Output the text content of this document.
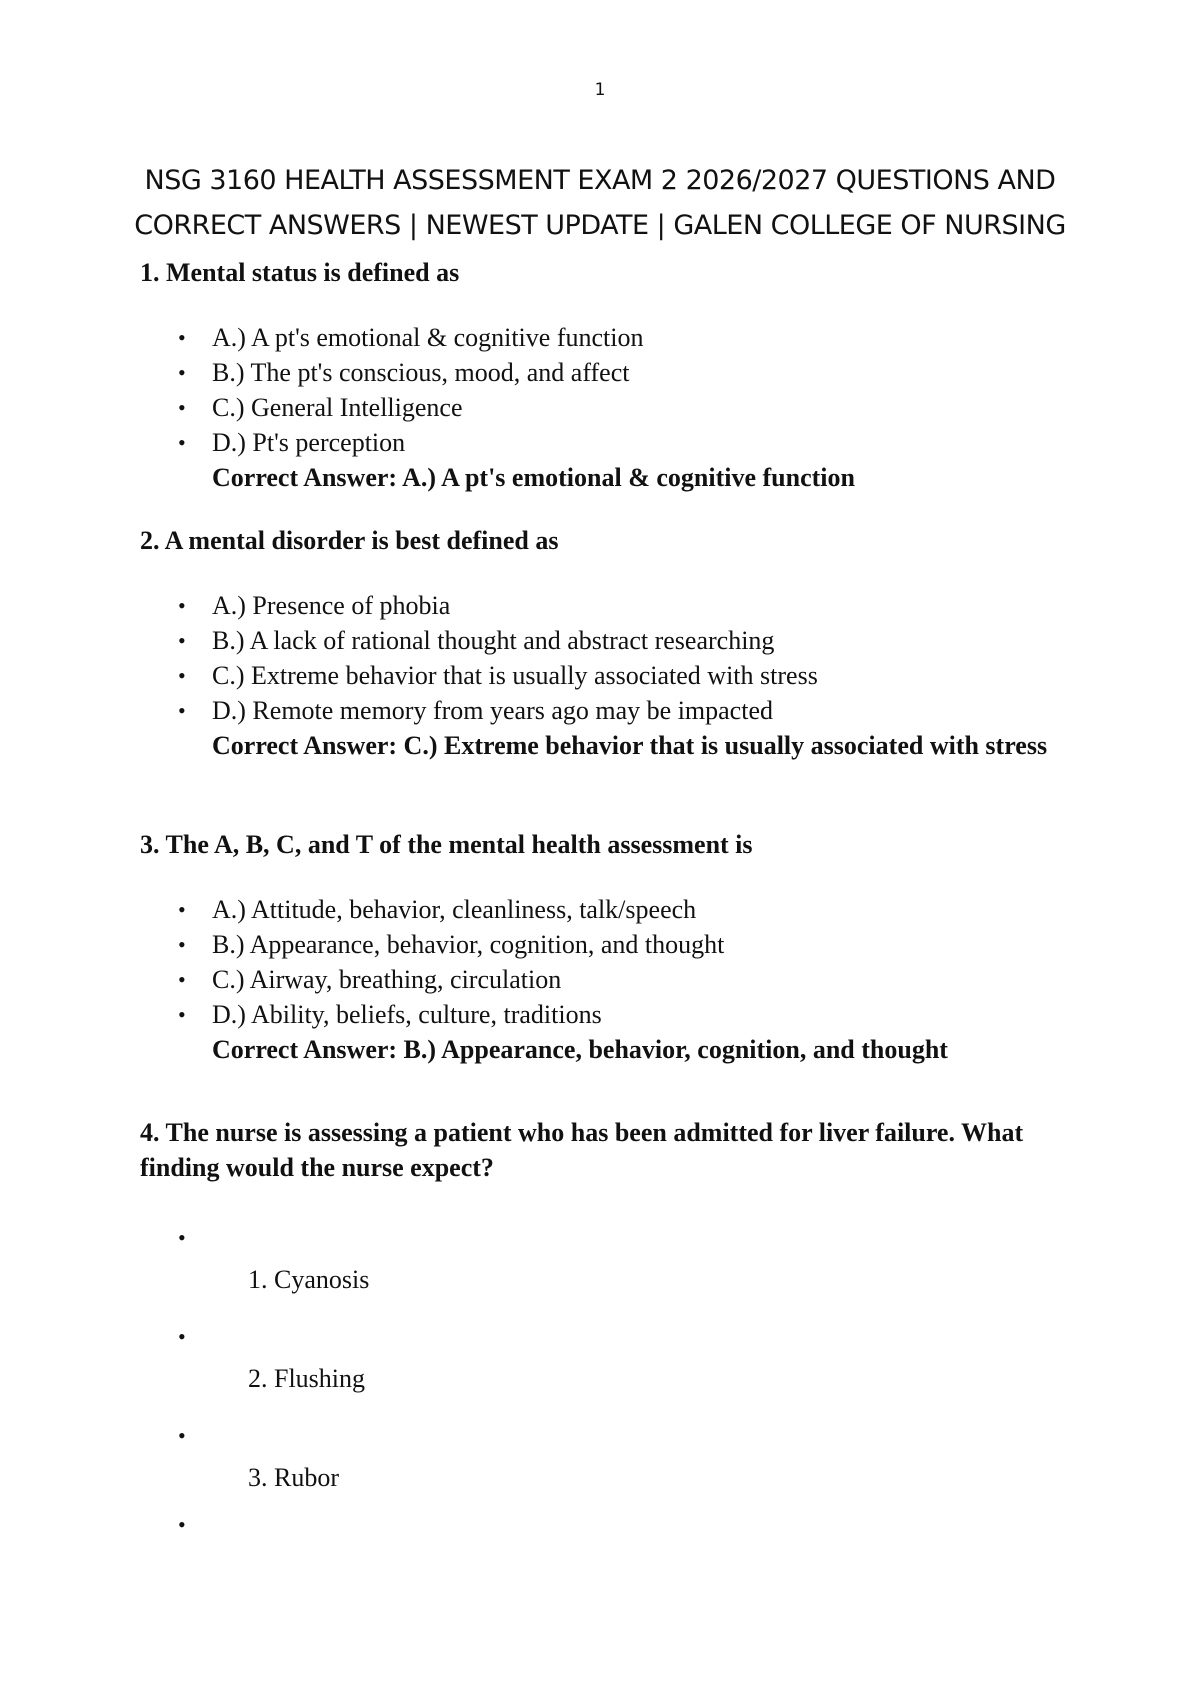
1
NSG 3160 HEALTH ASSESSMENT EXAM 2 2026/2027 QUESTIONS AND
CORRECT ANSWERS | NEWEST UPDATE | GALEN COLLEGE OF NURSING

1. Mental status is defined as

• A.) A pt's emotional & cognitive function
• B.) The pt's conscious, mood, and affect
• C.) General Intelligence
• D.) Pt's perception
Correct Answer: A.) A pt's emotional & cognitive function

2. A mental disorder is best defined as

• A.) Presence of phobia
• B.) A lack of rational thought and abstract researching
• C.) Extreme behavior that is usually associated with stress
• D.) Remote memory from years ago may be impacted
Correct Answer: C.) Extreme behavior that is usually associated with stress

3. The A, B, C, and T of the mental health assessment is

• A.) Attitude, behavior, cleanliness, talk/speech
• B.) Appearance, behavior, cognition, and thought
• C.) Airway, breathing, circulation
• D.) Ability, beliefs, culture, traditions
Correct Answer: B.) Appearance, behavior, cognition, and thought

4. The nurse is assessing a patient who has been admitted for liver failure. What finding would the nurse expect?

• 1. Cyanosis
• 2. Flushing
• 3. Rubor
•
